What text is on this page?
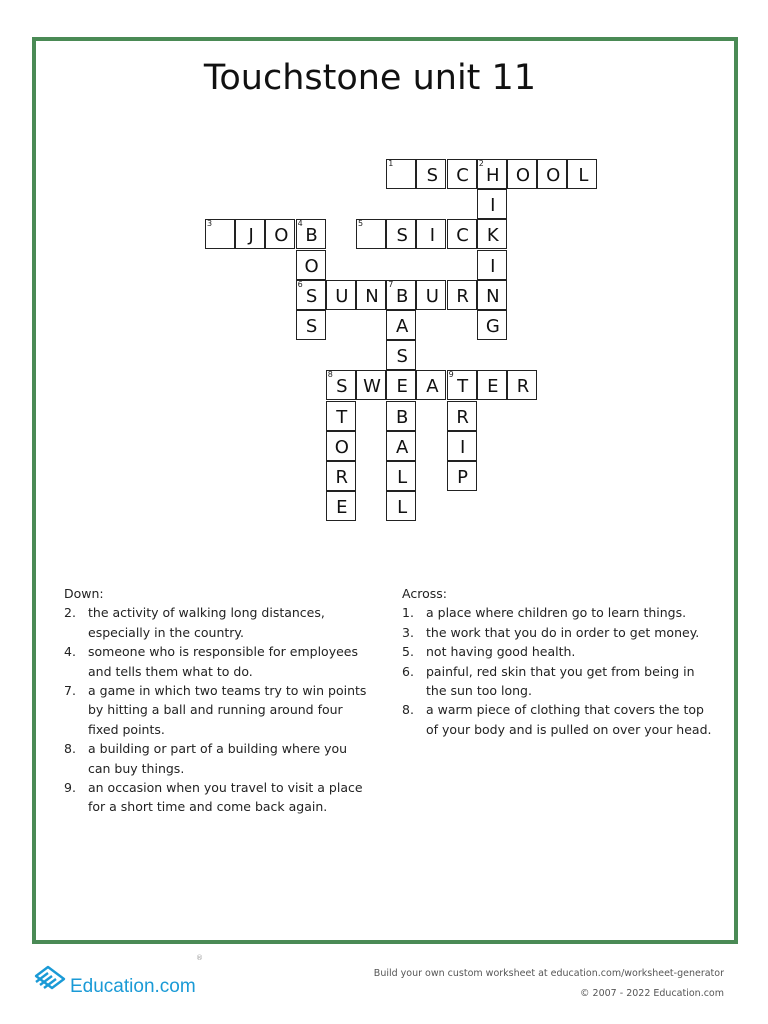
Touchstone unit 11
1
S	C
2
H O O	L
I
3
J	O
4
B
5
S	I	C	K
O	I
6
S U N
7
B U R N
S	A	G
S
8
S W E	A
9
T	E	R
T	B	R
O	A	I
R	L	P
E	L
Down:
2. the activity of walking long distances, especially in the country.
4. someone who is responsible for employees and tells them what to do.
7. a game in which two teams try to win points by hitting a ball and running around four fixed points.
8. a building or part of a building where you can buy things.
9. an occasion when you travel to visit a place for a short time and come back again.
Across:
1. a place where children go to learn things.
3. the work that you do in order to get money.
5. not having good health.
6. painful, red skin that you get from being in the sun too long.
8. a warm piece of clothing that covers the top of your body and is pulled on over your head.
Education.com
®
Build your own custom worksheet at education.com/worksheet-generator
© 2007 - 2022 Education.com
